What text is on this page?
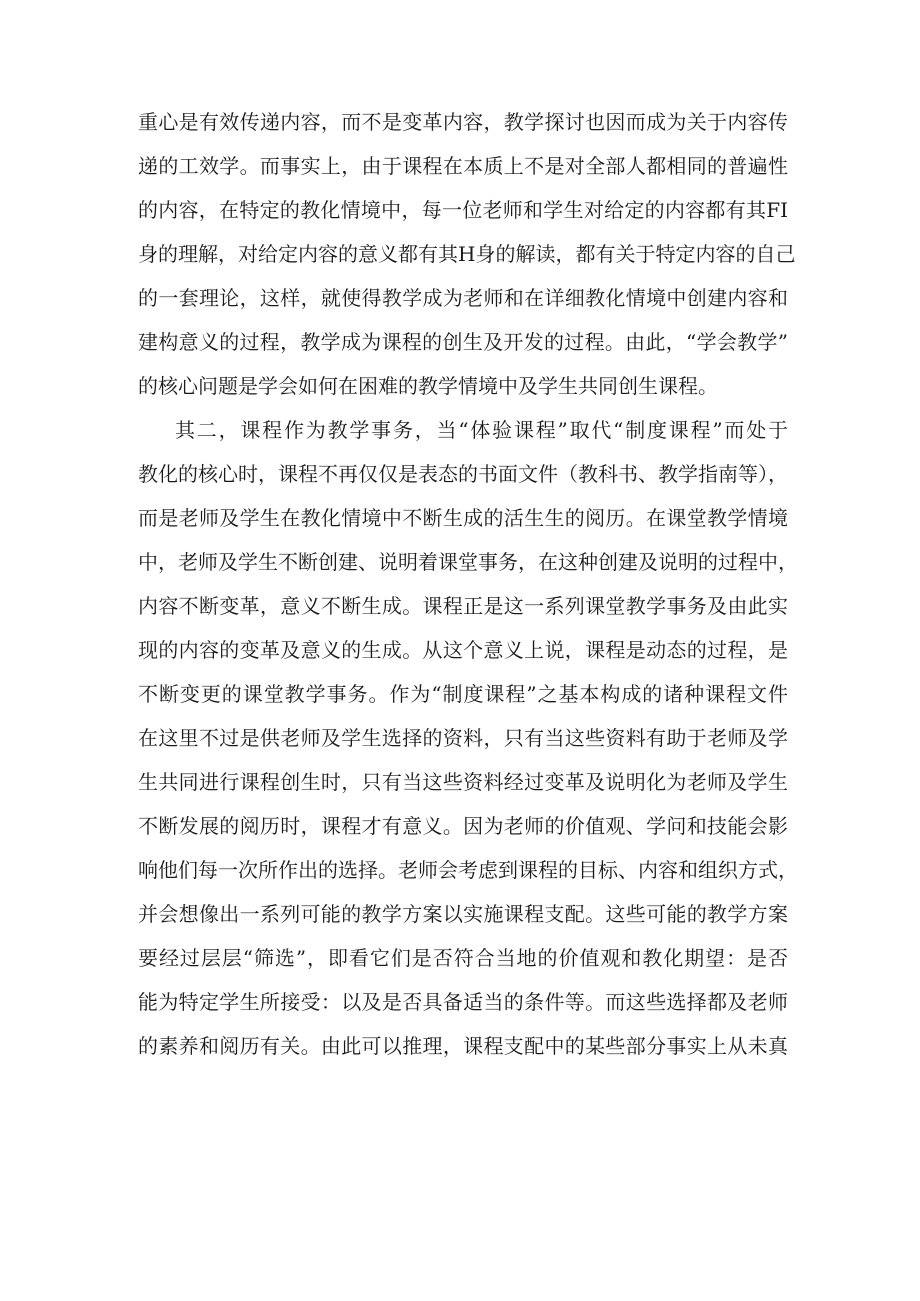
重心是有效传递内容，而不是变革内容，教学探讨也因而成为关于内容传
递的工效学。而事实上，由于课程在本质上不是对全部人都相同的普遍性
的内容，在特定的教化情境中，每一位老师和学生对给定的内容都有其FI
身的理解，对给定内容的意义都有其H身的解读，都有关于特定内容的自己
的一套理论，这样，就使得教学成为老师和在详细教化情境中创建内容和
建构意义的过程，教学成为课程的创生及开发的过程。由此，“学会教学”
的核心问题是学会如何在困难的教学情境中及学生共同创生课程。
其二，课程作为教学事务，当“体验课程”取代“制度课程”而处于
教化的核心时，课程不再仅仅是表态的书面文件（教科书、教学指南等），
而是老师及学生在教化情境中不断生成的活生生的阅历。在课堂教学情境
中，老师及学生不断创建、说明着课堂事务，在这种创建及说明的过程中，
内容不断变革，意义不断生成。课程正是这一系列课堂教学事务及由此实
现的内容的变革及意义的生成。从这个意义上说，课程是动态的过程，是
不断变更的课堂教学事务。作为“制度课程”之基本构成的诸种课程文件
在这里不过是供老师及学生选择的资料，只有当这些资料有助于老师及学
生共同进行课程创生时，只有当这些资料经过变革及说明化为老师及学生
不断发展的阅历时，课程才有意义。因为老师的价值观、学问和技能会影
响他们每一次所作出的选择。老师会考虑到课程的目标、内容和组织方式，
并会想像出一系列可能的教学方案以实施课程支配。这些可能的教学方案
要经过层层“筛选”，即看它们是否符合当地的价值观和教化期望：是否
能为特定学生所接受：以及是否具备适当的条件等。而这些选择都及老师
的素养和阅历有关。由此可以推理，课程支配中的某些部分事实上从未真
